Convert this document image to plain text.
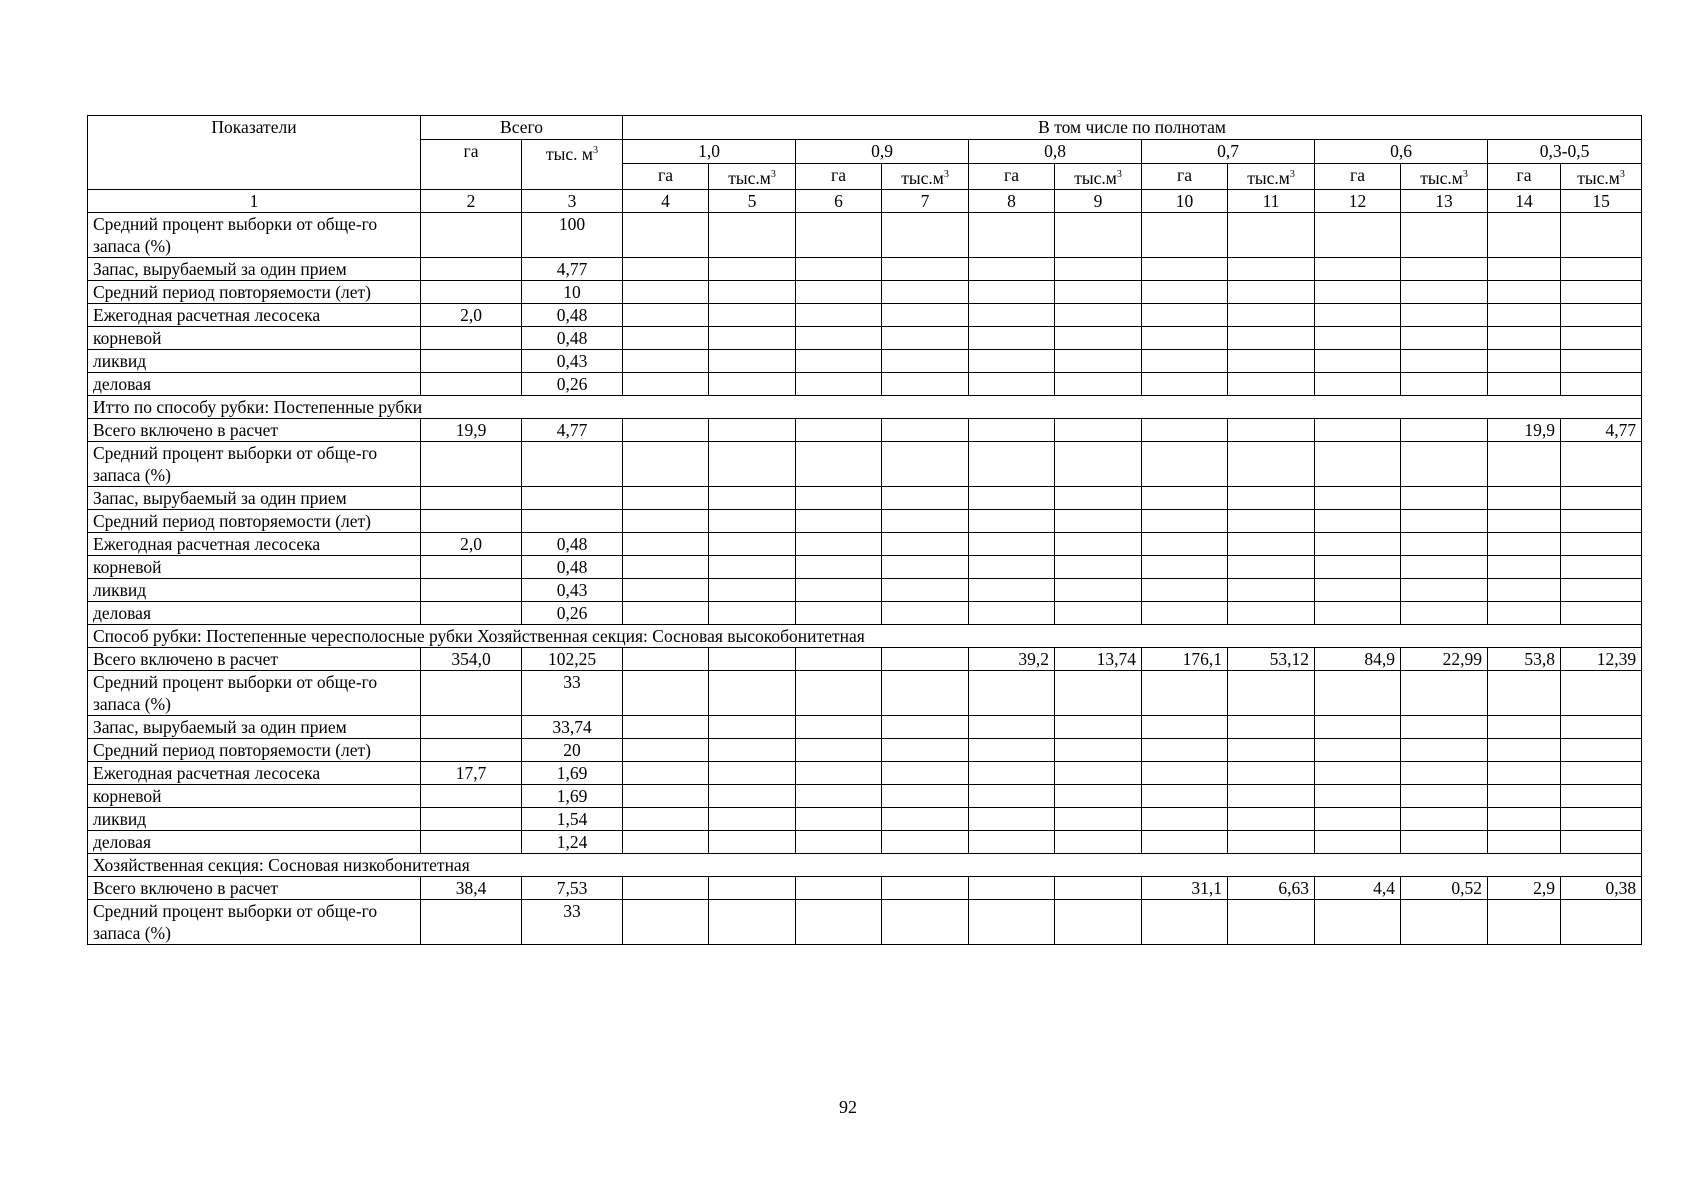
Показатели	Всего		В том числе по полнотам											
	га	тыс. $м^3$	1,0		0,9		0,8		0,7		0,6		0,3-0,5	
			га	$тыс.м^3$	га	$тыс.м^3$	га	$тыс.м^3$	га	$тыс.м^3$	га	$тыс.м^3$	га	$тыс.м^3$
1	2	3	4	5	6	7	8	9	10	11	12	13	14	15
Средний процент выборки от обще-го запаса (%)		100												
Запас, вырубаемый за один прием		4,77												
Средний период повторяемости (лет)		10												
Ежегодная расчетная лесосека	2,0	0,48												
корневой		0,48												
ликвид		0,43												
деловая		0,26												
Итто по способу рубки: Постепенные рубки														
Всего включено в расчет	19,9	4,77											19,9	4,77
Средний процент выборки от обще-го запаса (%)														
Запас, вырубаемый за один прием														
Средний период повторяемости (лет)														
Ежегодная расчетная лесосека	2,0	0,48												
корневой		0,48												
ликвид		0,43												
деловая		0,26												
Способ рубки: Постепенные чересполосные рубки Хозяйственная секция: Сосновая высокобонитетная														
Всего включено в расчет	354,0	102,25					39,2	13,74	176,1	53,12	84,9	22,99	53,8	12,39
Средний процент выборки от обще-го запаса (%)		33												
Запас, вырубаемый за один прием		33,74												
Средний период повторяемости (лет)		20												
Ежегодная расчетная лесосека	17,7	1,69												
корневой		1,69												
ликвид		1,54												
деловая		1,24												
Хозяйственная секция: Сосновая низкобонитетная														
Всего включено в расчет	38,4	7,53							31,1	6,63	4,4	0,52	2,9	0,38
Средний процент выборки от обще-го запаса (%)		33												
92
